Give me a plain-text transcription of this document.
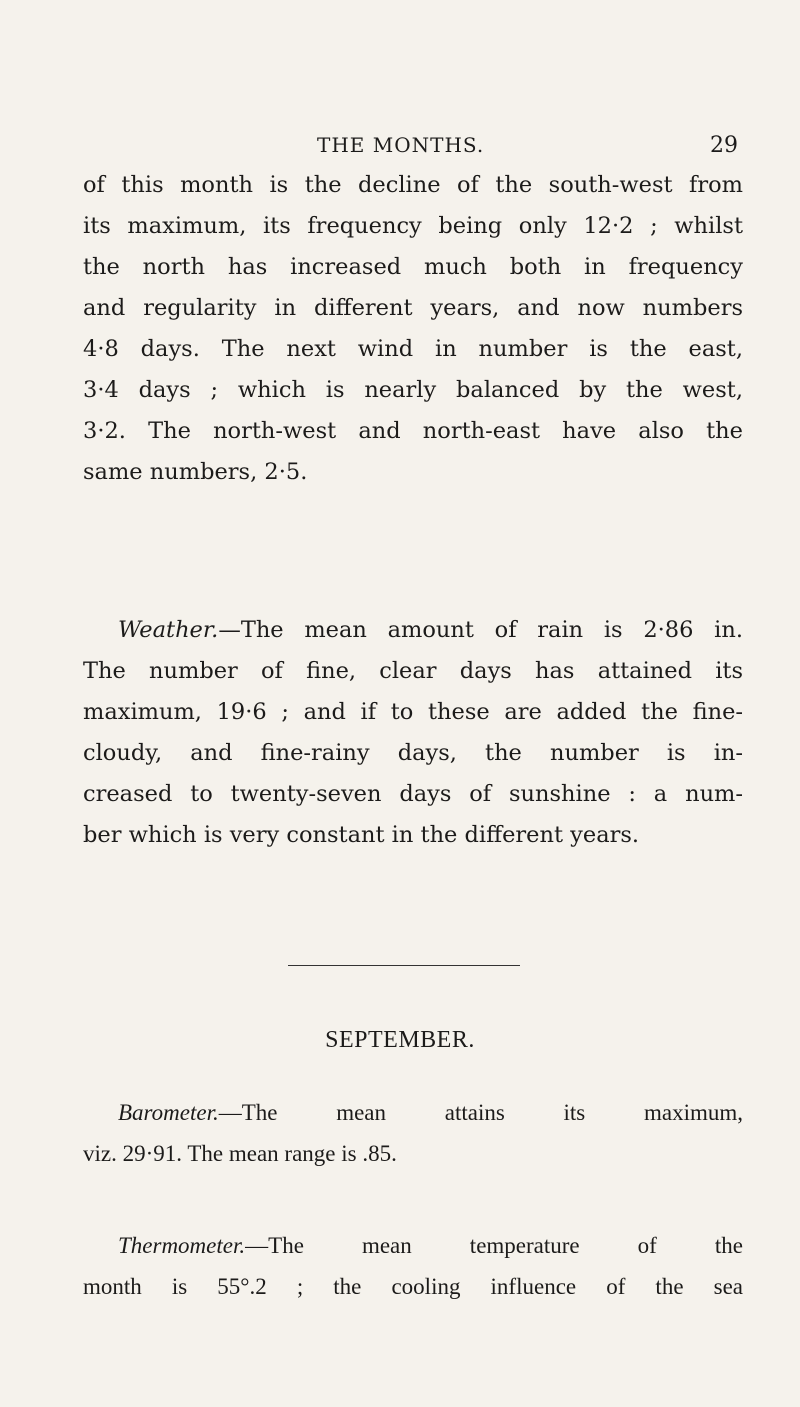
THE MONTHS.	29
of this month is the decline of the south-west from
its maximum, its frequency being only 12·2 ; whilst
the north has increased much both in frequency
and regularity in different years, and now numbers
4·8 days. The next wind in number is the east,
3·4 days ; which is nearly balanced by the west,
3·2. The north-west and north-east have also the
same numbers, 2·5.
Weather.—The mean amount of rain is 2·86 in.
The number of fine, clear days has attained its
maximum, 19·6 ; and if to these are added the fine-
cloudy, and fine-rainy days, the number is in-
creased to twenty-seven days of sunshine : a num-
ber which is very constant in the different years.
SEPTEMBER.
Barometer.—The mean attains its maximum,
viz. 29·91. The mean range is .85.
Thermometer.—The mean temperature of the
month is 55°.2 ; the cooling influence of the sea
